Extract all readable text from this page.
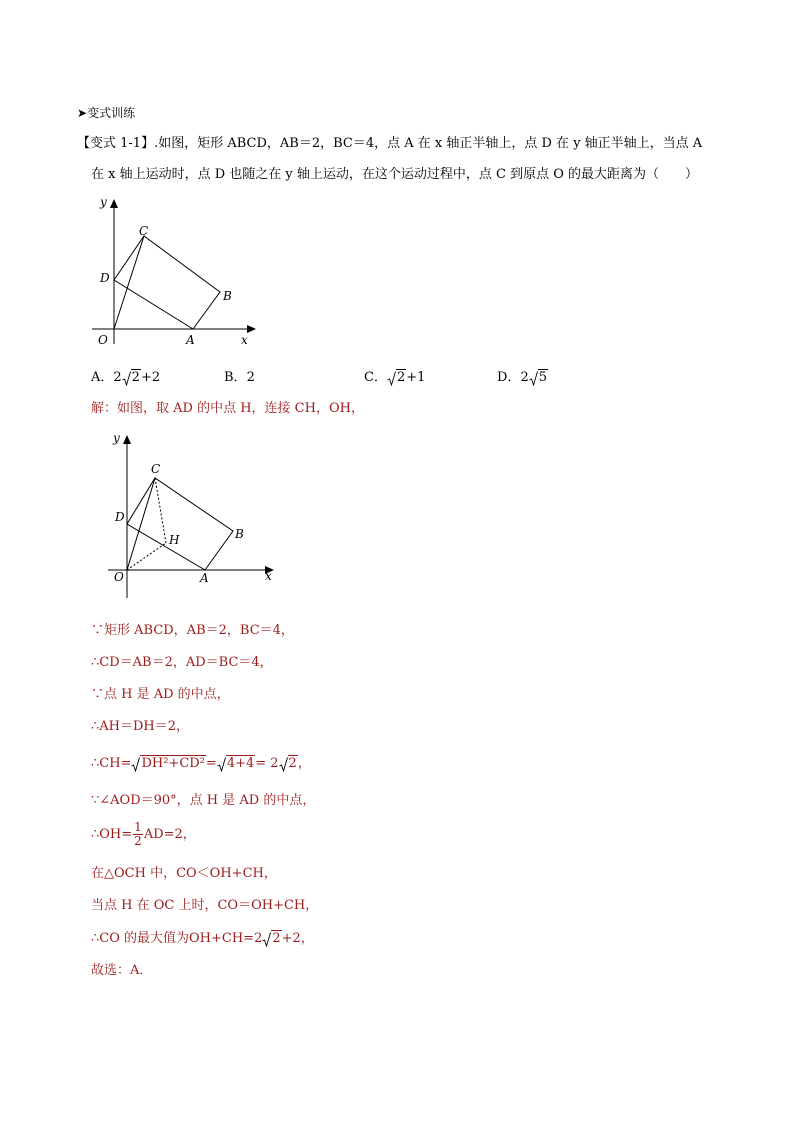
➤变式训练
【变式 1-1】.如图，矩形 ABCD，AB＝2，BC＝4，点 A 在 x 轴正半轴上，点 D 在 y 轴正半轴上，当点 A
在 x 轴上运动时，点 D 也随之在 y 轴上运动，在这个运动过程中，点 C 到原点 O 的最大距离为（　　）
y
x
O	A
B
C
D
A．2 2+2	B．2	C． 2+1	D．2 5
解：如图，取 AD 的中点 H，连接 CH，OH，
y
x
O	A
B
C
D
H
∵矩形 ABCD，AB＝2，BC＝4，
∴CD＝AB＝2，AD＝BC＝4，
∵点 H 是 AD 的中点，
∴AH＝DH＝2，
∴CH= DH²+CD²= 4+4= 2 2，
∵∠AOD＝90°，点 H 是 AD 的中点，
∴OH= $\frac{1}{2} AD=2$，
在△OCH 中，CO＜OH+CH，
当点 H 在 OC 上时，CO＝OH+CH，
∴CO 的最大值为OH+CH=2 2+2，
故选：A．
